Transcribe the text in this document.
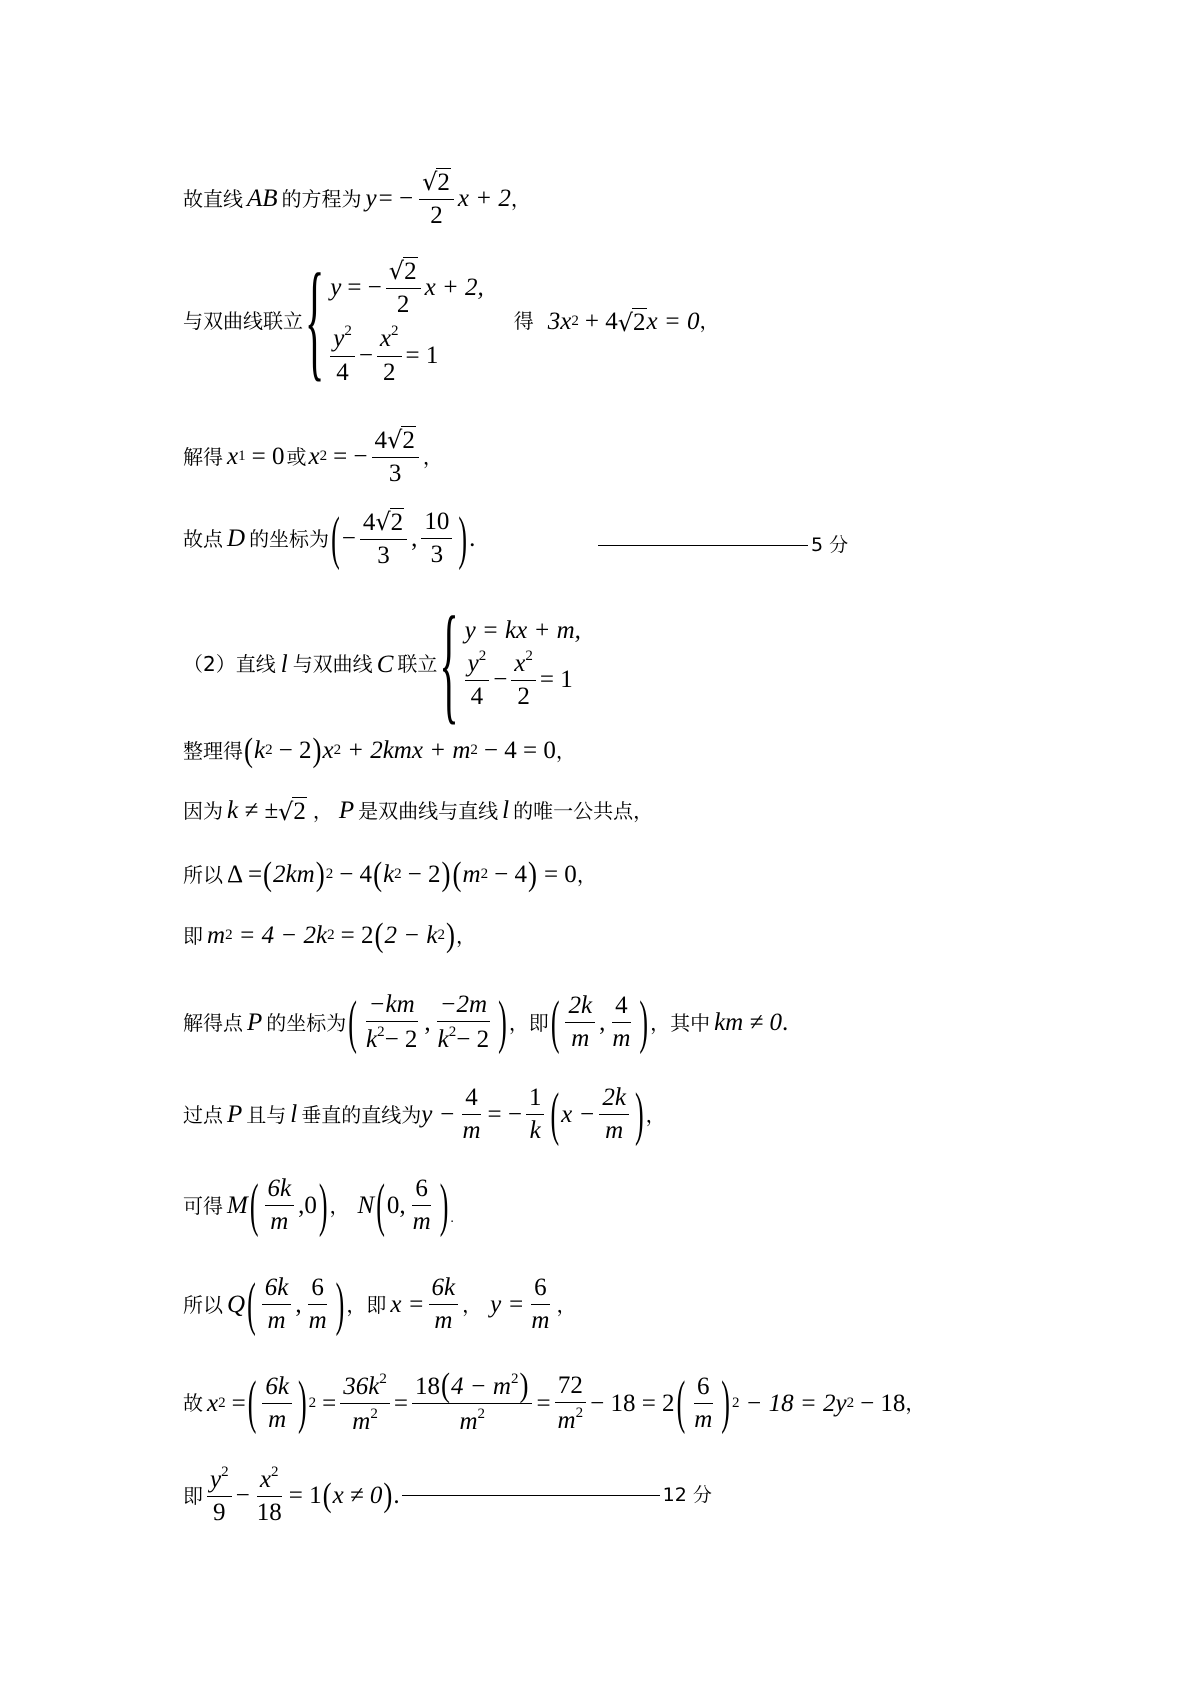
故直线 AB 的方程为 y = − $\frac{√ 2}{2}$ x + 2 ，
与双曲线联立 { y = − $\frac{√ 2}{2}$ x + 2,
$\frac{y^2}{4} - \frac{x^2}{2} = 1$
得 3x 2 + 4 √ 2 x = 0 ，
解得 x 1 = 0 或 x 2 = − $\frac{4 √ 2}{3}$ ，
故点 D 的坐标为 ( − $\frac{4 √ 2}{3}$ , $\frac{10}{3}$ ) .	5 分
（2）直线 l 与双曲线 C 联立 { y = kx + m,
$\frac{y^2}{4} - \frac{x^2}{2} = 1$
整理得 ( k 2 − 2 ) x 2 + 2kmx + m 2 − 4 = 0 ，
因为 k ≠ ± √ 2 ， P 是双曲线与直线 l 的唯一公共点，
所以 Δ = ( 2km ) 2 − 4 ( k 2 − 2 ) ( m 2 − 4 ) = 0 ，
即 m 2 = 4 − 2k 2 = 2 ( 2 − k 2 ) ，
解得点 P 的坐标为 ( $\frac{-km}{k^2- 2}$ , $\frac{-2m}{k^2- 2}$ ) ，即 ( $\frac{2k}{m}$ , $\frac{4}{m}$ ) ，其中 km ≠ 0 .
过点 P 且与 l 垂直的直线为 $y - \frac{4}{m}$ = − $\frac{1}{k}$ ( $x - \frac{2k}{m}$ ) ，
可得 M ( $\frac{6k}{m} ,0$ ) ， N ( 0, $\frac{6}{m}$ ) .
所以 Q ( $\frac{6k}{m}$ , $\frac{6}{m}$ ) ，即 $x = \frac{6k}{m}$ ， $y = \frac{6}{m}$ ，
故 x 2 = ( $\frac{6k}{m}$ ) $2 = \frac{36k^2}{m^2} = \frac{18(4 - m^2)}{m^2} = \frac{72}{m^2} - 18 = 2$ ( $\frac{6}{m}$ ) 2 − 18 = 2y 2 − 18 ，
即 $\frac{y^2}{9} - \frac{x^2}{18} = 1$ ( x ≠ 0 ) .	12 分
